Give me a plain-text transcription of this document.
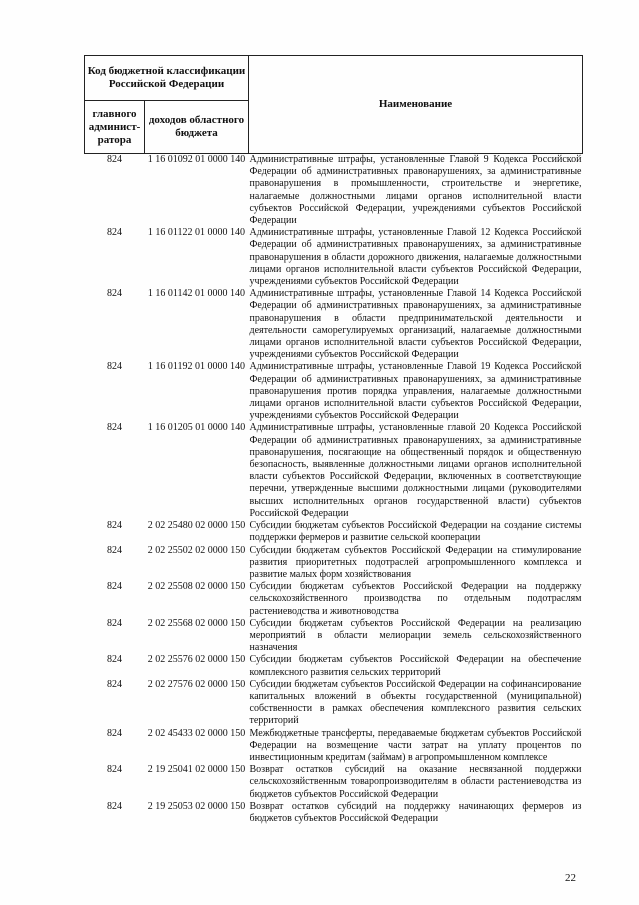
Код бюджетной классификации Российской Федерации		Наименование
главного админист-ратора	доходов областного бюджета	
824	1 16 01092 01 0000 140	Административные штрафы, установленные Главой 9 Кодекса Российской Федерации об административных правонарушениях, за административные правонарушения в промышленности, строительстве и энергетике, налагаемые должностными лицами органов исполнительной власти субъектов Российской Федерации, учреждениями субъектов Российской Федерации
824	1 16 01122 01 0000 140	Административные штрафы, установленные Главой 12 Кодекса Российской Федерации об административных правонарушениях, за административные правонарушения в области дорожного движения, налагаемые должностными лицами органов исполнительной власти субъектов Российской Федерации, учреждениями субъектов Российской Федерации
824	1 16 01142 01 0000 140	Административные штрафы, установленные Главой 14 Кодекса Российской Федерации об административных правонарушениях, за административные правонарушения в области предпринимательской деятельности и деятельности саморегулируемых организаций, налагаемые должностными лицами органов исполнительной власти субъектов Российской Федерации, учреждениями субъектов Российской Федерации
824	1 16 01192 01 0000 140	Административные штрафы, установленные Главой 19 Кодекса Российской Федерации об административных правонарушениях, за административные правонарушения против порядка управления, налагаемые должностными лицами органов исполнительной власти субъектов Российской Федерации, учреждениями субъектов Российской Федерации
824	1 16 01205 01 0000 140	Административные штрафы, установленные главой 20 Кодекса Российской Федерации об административных правонарушениях, за административные правонарушения, посягающие на общественный порядок и общественную безопасность, выявленные должностными лицами органов исполнительной власти субъектов Российской Федерации, включенных в соответствующие перечни, утвержденные высшими должностными лицами (руководителями высших исполнительных органов государственной власти) субъектов Российской Федерации
824	2 02 25480 02 0000 150	Субсидии бюджетам субъектов Российской Федерации на создание системы поддержки фермеров и развитие сельской кооперации
824	2 02 25502 02 0000 150	Субсидии бюджетам субъектов Российской Федерации на стимулирование развития приоритетных подотраслей агропромышленного комплекса и развитие малых форм хозяйствования
824	2 02 25508 02 0000 150	Субсидии бюджетам субъектов Российской Федерации на поддержку сельскохозяйственного производства по отдельным подотраслям растениеводства и животноводства
824	2 02 25568 02 0000 150	Субсидии бюджетам субъектов Российской Федерации на реализацию мероприятий в области мелиорации земель сельскохозяйственного назначения
824	2 02 25576 02 0000 150	Субсидии бюджетам субъектов Российской Федерации на обеспечение комплексного развития сельских территорий
824	2 02 27576 02 0000 150	Субсидии бюджетам субъектов Российской Федерации на софинансирование капитальных вложений в объекты государственной (муниципальной) собственности в рамках обеспечения комплексного развития сельских территорий
824	2 02 45433 02 0000 150	Межбюджетные трансферты, передаваемые бюджетам субъектов Российской Федерации на возмещение части затрат на уплату процентов по инвестиционным кредитам (займам) в агропромышленном комплексе
824	2 19 25041 02 0000 150	Возврат остатков субсидий на оказание несвязанной поддержки сельскохозяйственным товаропроизводителям в области растениеводства из бюджетов субъектов Российской Федерации
824	2 19 25053 02 0000 150	Возврат остатков субсидий на поддержку начинающих фермеров из бюджетов субъектов Российской Федерации
22
